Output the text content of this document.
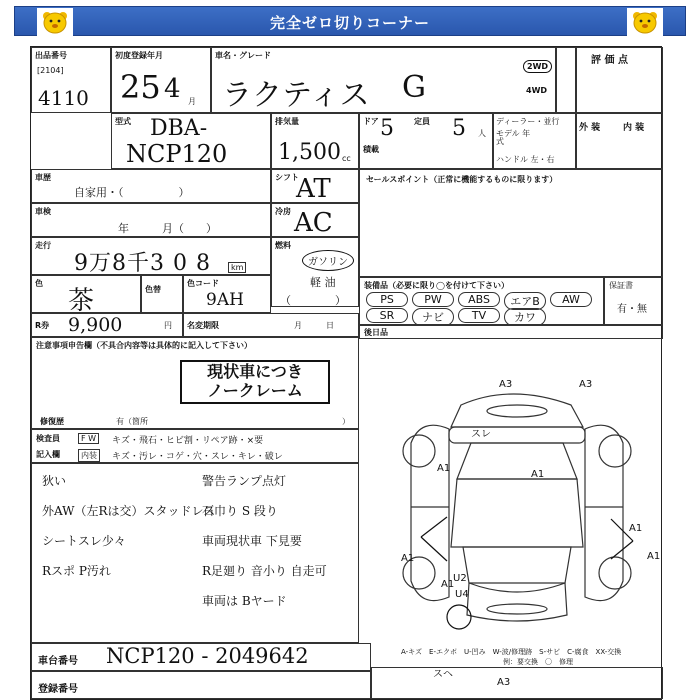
完全ゼロ切りコーナー
出品番号
[2104]
4110
初度登録年月
25 4 月
車名・グレード
ラクティス G
2WD
4WD
評 価 点
型式 DBA-
NCP120
排気量
1,500 cc
ドア 5	定員 5 人
積載
ディーラー・並行
モデル 年式
ハンドル 左・右
外 装	内 装
車歴
自家用・（　　　　　）
シフト
AT
車検
年　　　月（　　）
冷房 AC
走行
9万8千3 0 8	km
燃料
ガソリン
軽 油
（　　　　）
色
茶	色替
色コード
9AH
R券 9,900	円 名変期限	月　　　日
セールスポイント（正常に機能するものに限ります）
装備品（必要に限り◯を付けて下さい）
PS	PW	ABS	エアB	AW
SR	ナビ	TV	カワ
保証書
有・無
後日品
注意事項申告欄（不具合内容等は具体的に記入して下さい）
現状車につき
ノークレーム
修復歴	有（箇所	）
検査員
記入欄
F W	キズ・飛石・ヒビ割・リペア跡・×要
内装	キズ・汚レ・コゲ・穴・スレ・キレ・破レ
狄い
外AW（左Rは交）スタッドレス
シートスレ少々
Rスポ P汚れ
警告ランプ点灯
石巾り S 段り
車両現状車 下見要
R足廻り 音小り 自走可
車両は Bヤード
A3	A3
A1
A1
A1
A1
A1
A1
U2
U4
A3
スレ
スヘ
A-キズ　E-エクボ　U-凹み　W-波/修理跡　S-サビ　C-腐食　XX-交換
例：要交換　〇　修理
車台番号 NCP120 - 2049642
登録番号
